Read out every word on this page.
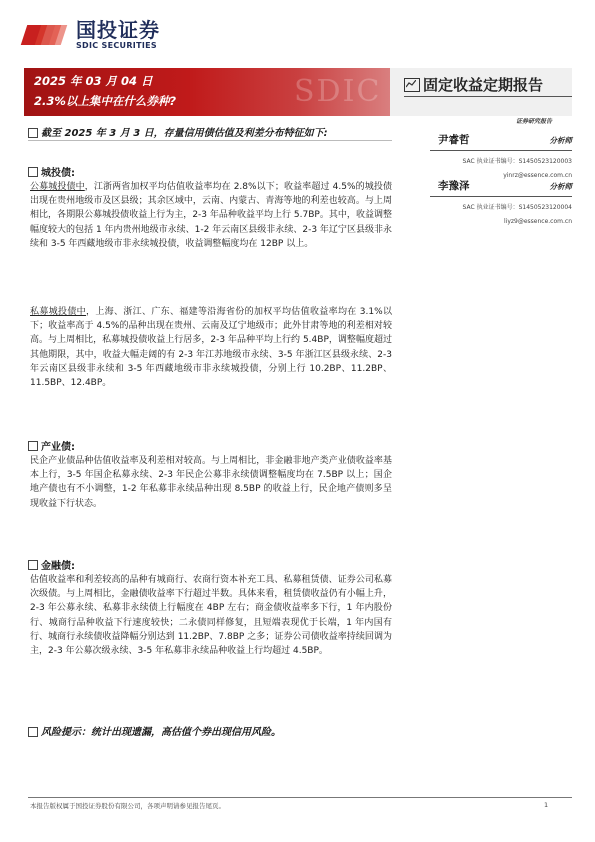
国投证券
SDIC SECURITIES
SDIC
2025 年 03 月 04 日
2.3%以上集中在什么券种?
固定收益定期报告
证券研究报告
截至 2025 年 3 月 3 日，存量信用债估值及利差分布特征如下:
尹睿哲	分析师
SAC 执业证书编号：S1450523120003
yinrz@essence.com.cn
李豫泽	分析师
SAC 执业证书编号：S1450523120004
liyz9@essence.com.cn
城投债:
公募城投债中，江浙两省加权平均估值收益率均在 2.8%以下；收益率超过 4.5%的城投债出现在贵州地级市及区县级；其余区域中，云南、内蒙古、青海等地的利差也较高。与上周相比，各期限公募城投债收益上行为主，2-3 年品种收益平均上行 5.7BP。其中，收益调整幅度较大的包括 1 年内贵州地级市永续、1-2 年云南区县级非永续、2-3 年辽宁区县级非永续和 3-5 年西藏地级市非永续城投债，收益调整幅度均在 12BP 以上。
私募城投债中，上海、浙江、广东、福建等沿海省份的加权平均估值收益率均在 3.1%以下；收益率高于 4.5%的品种出现在贵州、云南及辽宁地级市；此外甘肃等地的利差相对较高。与上周相比，私募城投债收益上行居多，2-3 年品种平均上行约 5.4BP，调整幅度超过其他期限，其中，收益大幅走阔的有 2-3 年江苏地级市永续、3-5 年浙江区县级永续、2-3 年云南区县级非永续和 3-5 年西藏地级市非永续城投债，分别上行 10.2BP、11.2BP、11.5BP、12.4BP。
产业债:
民企产业债品种估值收益率及利差相对较高。与上周相比，非金融非地产类产业债收益率基本上行，3-5 年国企私募永续、2-3 年民企公募非永续债调整幅度均在 7.5BP 以上；国企地产债也有不小调整，1-2 年私募非永续品种出现 8.5BP 的收益上行，民企地产债则多呈现收益下行状态。
金融债:
估值收益率和利差较高的品种有城商行、农商行资本补充工具、私募租赁债、证券公司私募次级债。与上周相比，金融债收益率下行超过半数。具体来看，租赁债收益仍有小幅上升，2-3 年公募永续、私募非永续债上行幅度在 4BP 左右；商金债收益率多下行，1 年内股份行、城商行品种收益下行速度较快；二永债同样修复，且短端表现优于长端，1 年内国有行、城商行永续债收益降幅分别达到 11.2BP、7.8BP 之多；证券公司债收益率持续回调为主，2-3 年公募次级永续、3-5 年私募非永续品种收益上行均超过 4.5BP。
风险提示：统计出现遗漏，高估值个券出现信用风险。
本报告版权属于国投证券股份有限公司，各项声明请参见报告尾页。	1
